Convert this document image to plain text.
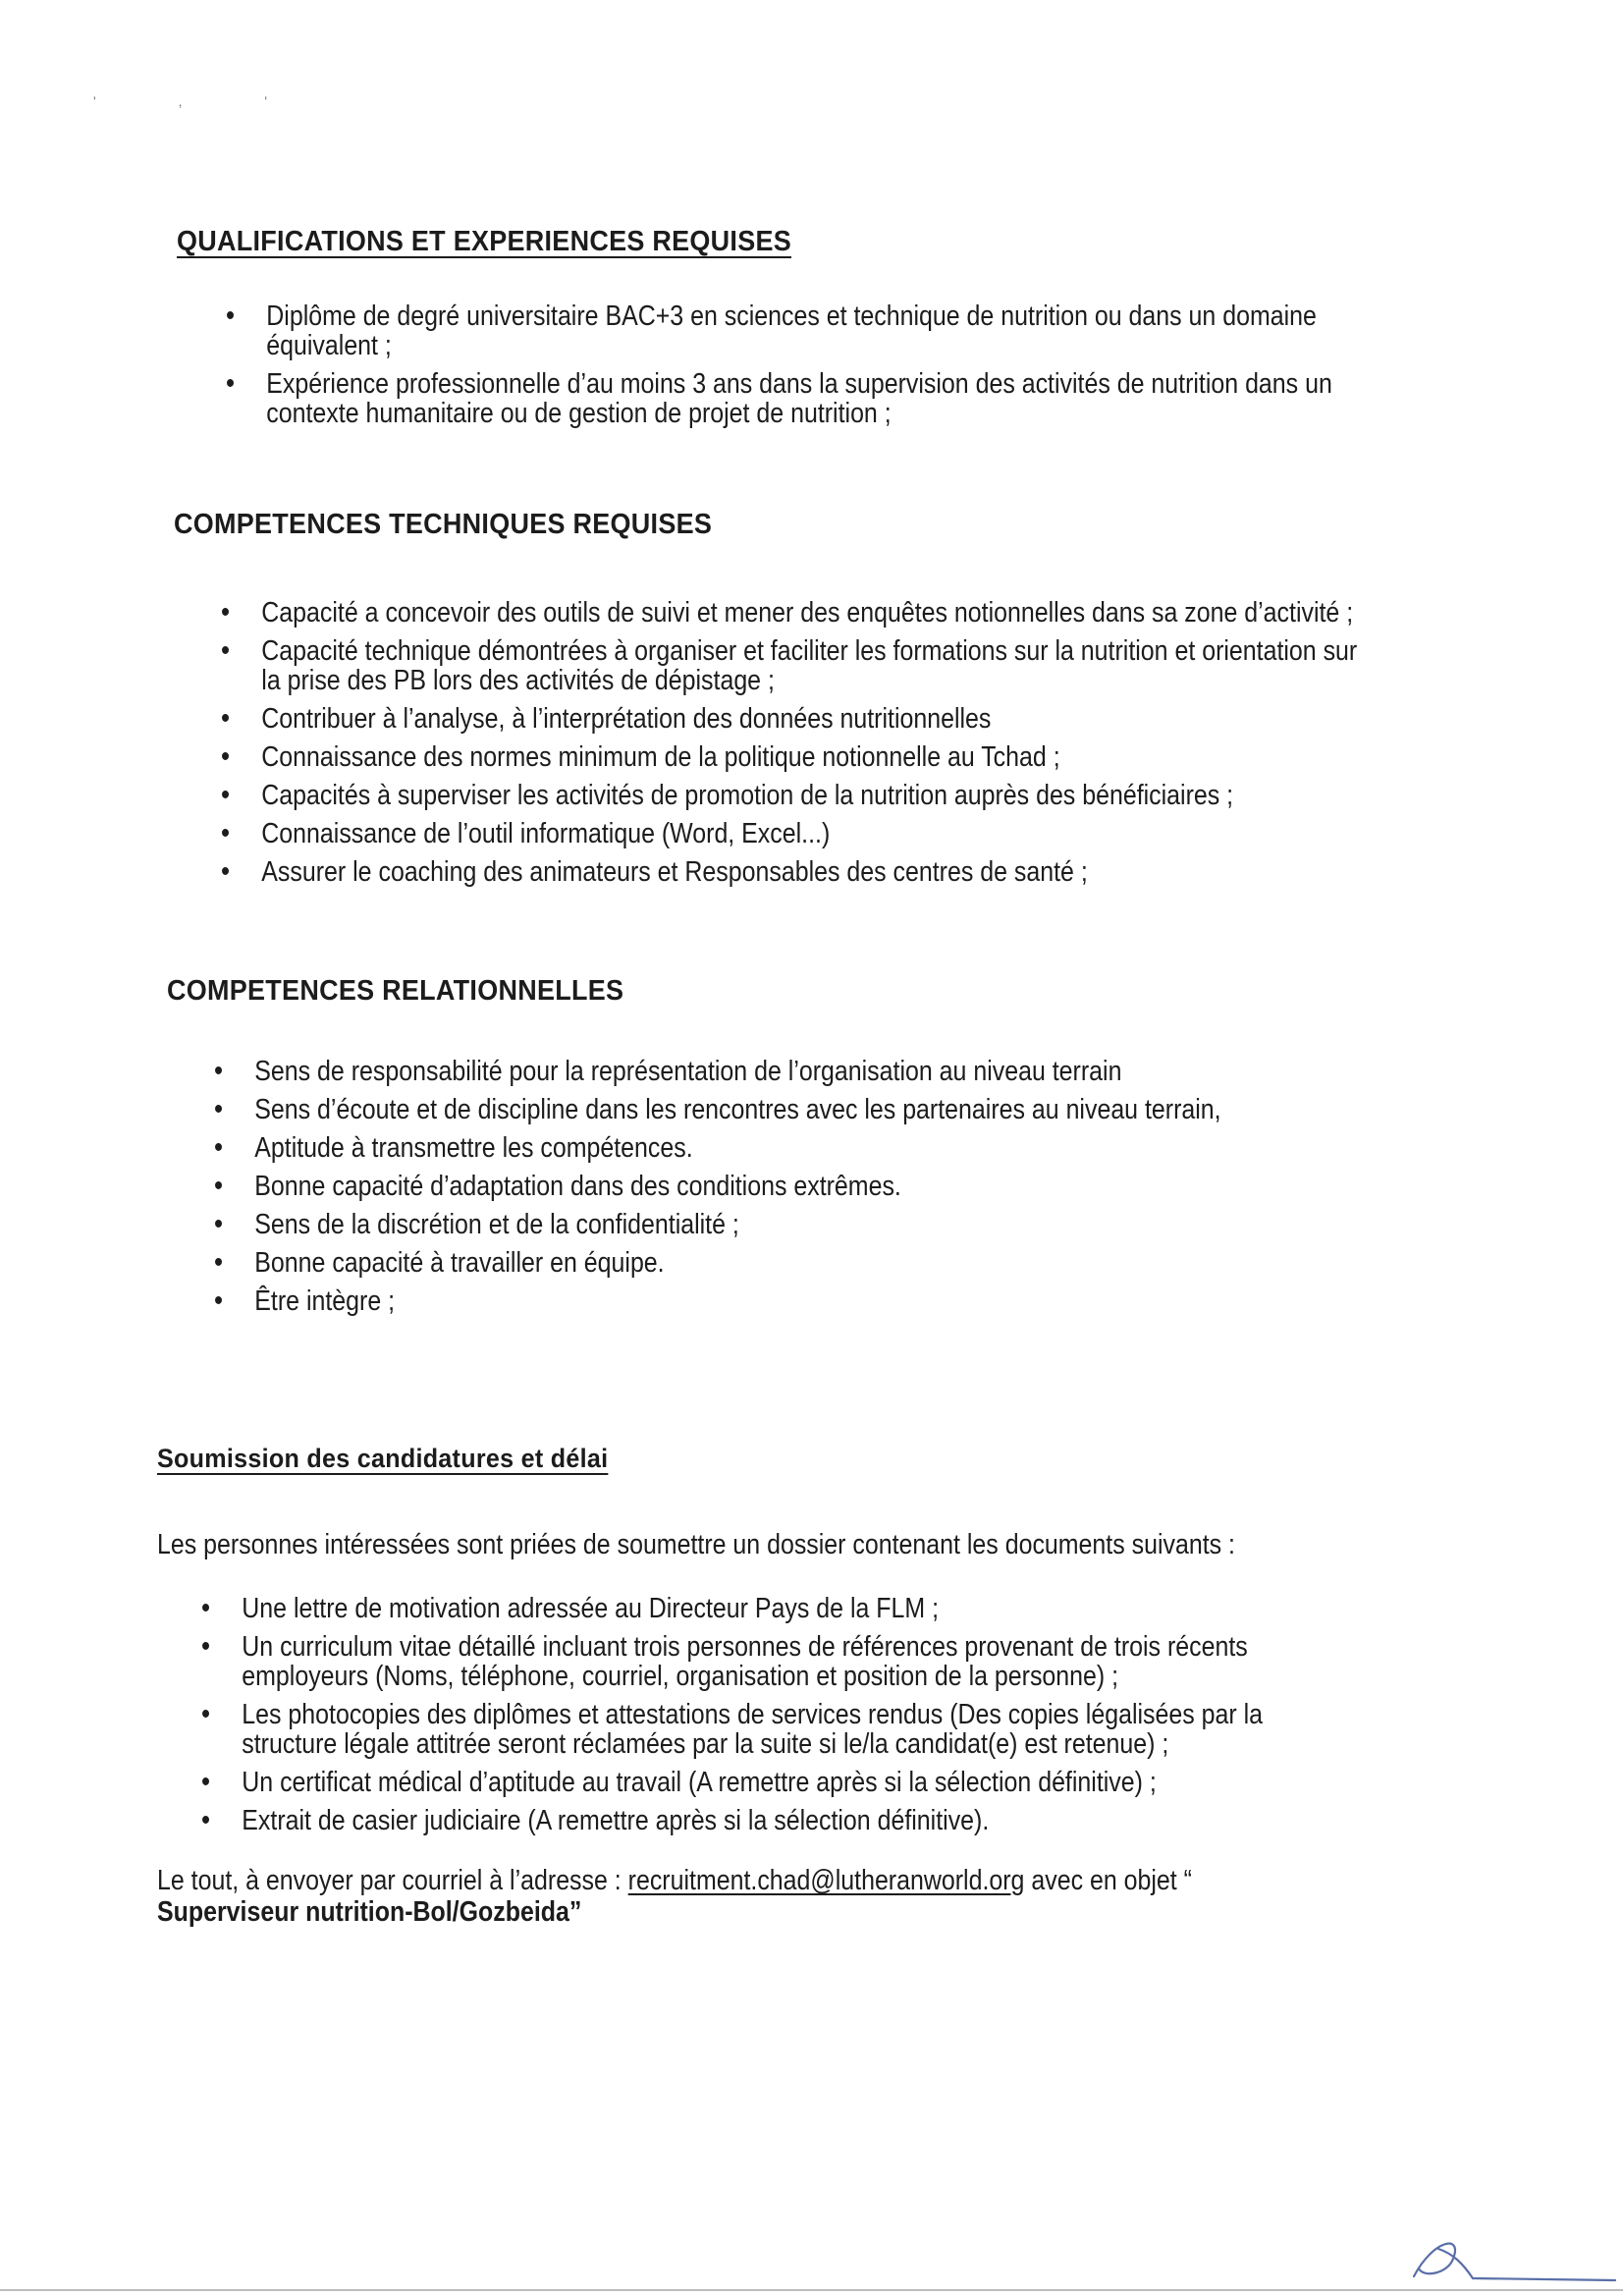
' , '
QUALIFICATIONS ET EXPERIENCES REQUISES
• Diplôme de degré universitaire BAC+3 en sciences et technique de nutrition ou dans un domaine équivalent ;
• Expérience professionnelle d’au moins 3 ans dans la supervision des activités de nutrition dans un contexte humanitaire ou de gestion de projet de nutrition ;
COMPETENCES TECHNIQUES REQUISES
• Capacité a concevoir des outils de suivi et mener des enquêtes notionnelles dans sa zone d’activité ;
• Capacité technique démontrées à organiser et faciliter les formations sur la nutrition et orientation sur la prise des PB lors des activités de dépistage ;
• Contribuer à l’analyse, à l’interprétation des données nutritionnelles
• Connaissance des normes minimum de la politique notionnelle au Tchad ;
• Capacités à superviser les activités de promotion de la nutrition auprès des bénéficiaires ;
• Connaissance de l’outil informatique (Word, Excel...)
• Assurer le coaching des animateurs et Responsables des centres de santé ;
COMPETENCES RELATIONNELLES
• Sens de responsabilité pour la représentation de l’organisation au niveau terrain
• Sens d’écoute et de discipline dans les rencontres avec les partenaires au niveau terrain,
• Aptitude à transmettre les compétences.
• Bonne capacité d’adaptation dans des conditions extrêmes.
• Sens de la discrétion et de la confidentialité ;
• Bonne capacité à travailler en équipe.
• Être intègre ;
Soumission des candidatures et délai

Les personnes intéressées sont priées de soumettre un dossier contenant les documents suivants :

• Une lettre de motivation adressée au Directeur Pays de la FLM ;
• Un curriculum vitae détaillé incluant trois personnes de références provenant de trois récents employeurs (Noms, téléphone, courriel, organisation et position de la personne) ;
• Les photocopies des diplômes et attestations de services rendus (Des copies légalisées par la structure légale attitrée seront réclamées par la suite si le/la candidat(e) est retenue) ;
• Un certificat médical d’aptitude au travail (A remettre après si la sélection définitive) ;
• Extrait de casier judiciaire (A remettre après si la sélection définitive).

Le tout, à envoyer par courriel à l’adresse : recruitment.chad@lutheranworld.org avec en objet “

Superviseur nutrition-Bol/Gozbeida”
